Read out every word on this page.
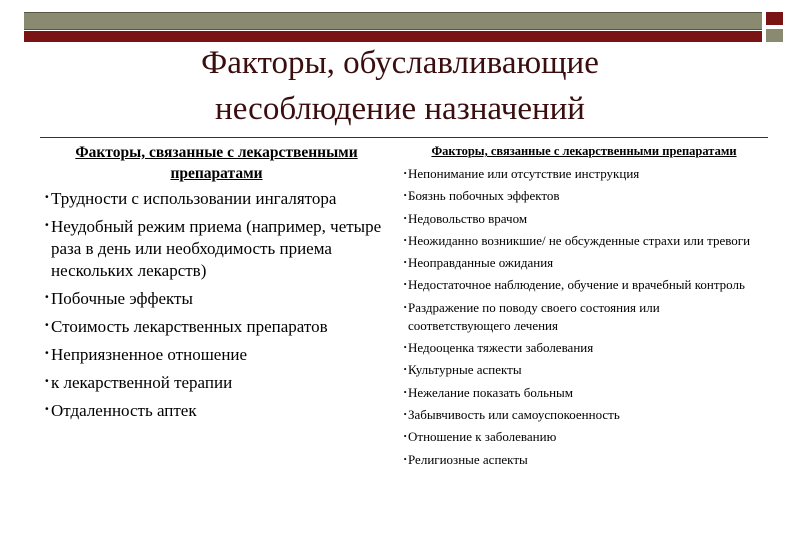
Факторы, обуславливающие
несоблюдение назначений
Факторы, связанные с лекарственными препаратами
· Трудности с использовании ингалятора
· Неудобный режим приема (например, четыре раза в день или необходимость приема нескольких лекарств)
· Побочные эффекты
· Стоимость лекарственных препаратов
· Неприязненное отношение
· к лекарственной терапии
· Отдаленность аптек
Факторы, связанные с лекарственными препаратами
· Непонимание или отсутствие инструкция
· Боязнь побочных эффектов
· Недовольство врачом
· Неожиданно возникшие/ не обсужденные страхи или тревоги
· Неоправданные ожидания
· Недостаточное наблюдение, обучение и врачебный контроль
· Раздражение по поводу своего состояния или соответствующего лечения
· Недооценка тяжести заболевания
· Культурные аспекты
· Нежелание показать больным
· Забывчивость или самоуспокоенность
· Отношение к заболеванию
· Религиозные аспекты
